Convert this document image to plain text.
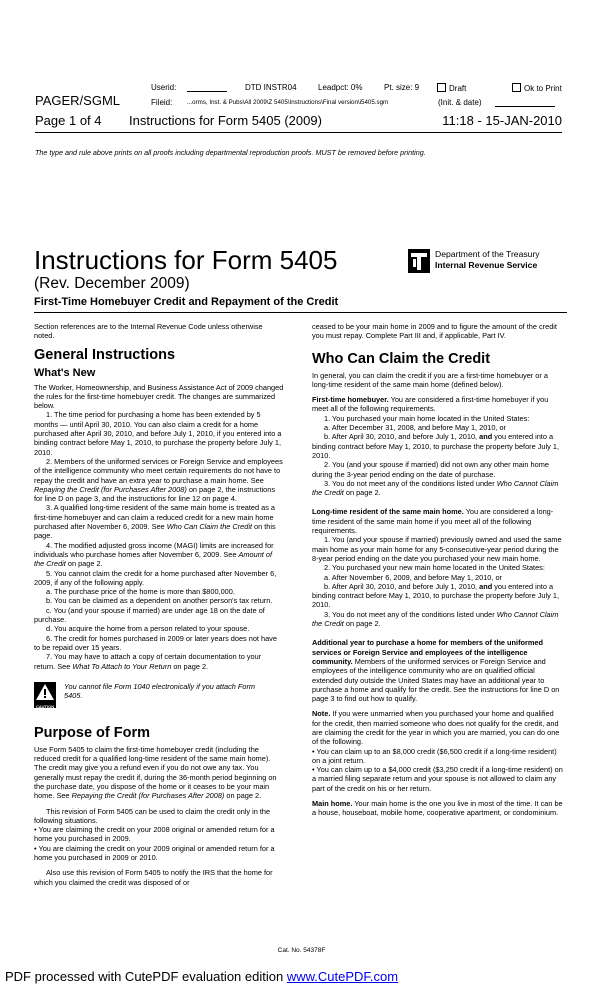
Userid:	DTD INSTR04	Leadpct: 0%	Pt. size: 9	Draft	Ok to Print
PAGER/SGML	Fileid: ...orms, Inst. & Pubs\All 2009\Z 5405\Instructions\Final version\i5405.sgm	(Init. & date)
Page 1 of 4 Instructions for Form 5405 (2009)	11:18 - 15-JAN-2010
The type and rule above prints on all proofs including departmental reproduction proofs. MUST be removed before printing.
Instructions for Form 5405	Department of the Treasury
Internal Revenue Service
(Rev. December 2009)
First-Time Homebuyer Credit and Repayment of the Credit

Section references are to the Internal Revenue Code unless otherwise noted.

General Instructions

What's New

The Worker, Homeownership, and Business Assistance Act of 2009 changed the rules for the first-time homebuyer credit. The changes are summarized below.

1. The time period for purchasing a home has been extended by 5 months — until April 30, 2010. You can also claim a credit for a home purchased after April 30, 2010, and before July 1, 2010, if you entered into a binding contract before May 1, 2010, to purchase the property before July 1, 2010.

2. Members of the uniformed services or Foreign Service and employees of the intelligence community who meet certain requirements do not have to repay the credit and have an extra year to purchase a main home. See Repaying the Credit (for Purchases After 2008) on page 2, the instructions for line D on page 3, and the instructions for line 12 on page 4.

3. A qualified long-time resident of the same main home is treated as a first-time homebuyer and can claim a reduced credit for a new main home purchased after November 6, 2009. See Who Can Claim the Credit on this page.

4. The modified adjusted gross income (MAGI) limits are increased for individuals who purchase homes after November 6, 2009. See Amount of the Credit on page 2.

5. You cannot claim the credit for a home purchased after November 6, 2009, if any of the following apply.

a. The purchase price of the home is more than $800,000.

b. You can be claimed as a dependent on another person's tax return.

c. You (and your spouse if married) are under age 18 on the date of purchase.

d. You acquire the home from a person related to your spouse.

6. The credit for homes purchased in 2009 or later years does not have to be repaid over 15 years.

7. You may have to attach a copy of certain documentation to your return. See What To Attach to Your Return on page 2.

CAUTION
You cannot file Form 1040 electronically if you attach Form 5405.

Purpose of Form

Use Form 5405 to claim the first-time homebuyer credit (including the reduced credit for a qualified long-time resident of the same main home). The credit may give you a refund even if you do not owe any tax. You generally must repay the credit if, during the 36-month period beginning on the purchase date, you dispose of the home or it ceases to be your main home. See Repaying the Credit (for Purchases After 2008) on page 2.

This revision of Form 5405 can be used to claim the credit only in the following situations.

• You are claiming the credit on your 2008 original or amended return for a home you purchased in 2009.

• You are claiming the credit on your 2009 original or amended return for a home you purchased in 2009 or 2010.

Also use this revision of Form 5405 to notify the IRS that the home for which you claimed the credit was disposed of or

ceased to be your main home in 2009 and to figure the amount of the credit you must repay. Complete Part III and, if applicable, Part IV.

Who Can Claim the Credit

In general, you can claim the credit if you are a first-time homebuyer or a long-time resident of the same main home (defined below).

First-time homebuyer. You are considered a first-time homebuyer if you meet all of the following requirements.

1. You purchased your main home located in the United States:

a. After December 31, 2008, and before May 1, 2010, or

b. After April 30, 2010, and before July 1, 2010, and you entered into a binding contract before May 1, 2010, to purchase the property before July 1, 2010.

2. You (and your spouse if married) did not own any other main home during the 3-year period ending on the date of purchase.

3. You do not meet any of the conditions listed under Who Cannot Claim the Credit on page 2.

Long-time resident of the same main home. You are considered a long-time resident of the same main home if you meet all of the following requirements.

1. You (and your spouse if married) previously owned and used the same main home as your main home for any 5-consecutive-year period during the 8-year period ending on the date you purchased your new main home.

2. You purchased your new main home located in the United States:

a. After November 6, 2009, and before May 1, 2010, or

b. After April 30, 2010, and before July 1, 2010, and you entered into a binding contract before May 1, 2010, to purchase the property before July 1, 2010.

3. You do not meet any of the conditions listed under Who Cannot Claim the Credit on page 2.

Additional year to purchase a home for members of the uniformed services or Foreign Service and employees of the intelligence community. Members of the uniformed services or Foreign Service and employees of the intelligence community who are on qualified official extended duty outside the United States may have an additional year to purchase a home and qualify for the credit. See the instructions for line D on page 3 to find out how to qualify.

Note. If you were unmarried when you purchased your home and qualified for the credit, then married someone who does not qualify for the credit, and are claiming the credit for the year in which you are married, you can do one of the following.

• You can claim up to an $8,000 credit ($6,500 credit if a long-time resident) on a joint return.

• You can claim up to a $4,000 credit ($3,250 credit if a long-time resident) on a married filing separate return and your spouse is not allowed to claim any part of the credit on his or her return.

Main home. Your main home is the one you live in most of the time. It can be a house, houseboat, mobile home, cooperative apartment, or condominium.

Cat. No. 54378F
PDF processed with CutePDF evaluation edition www.CutePDF.com
